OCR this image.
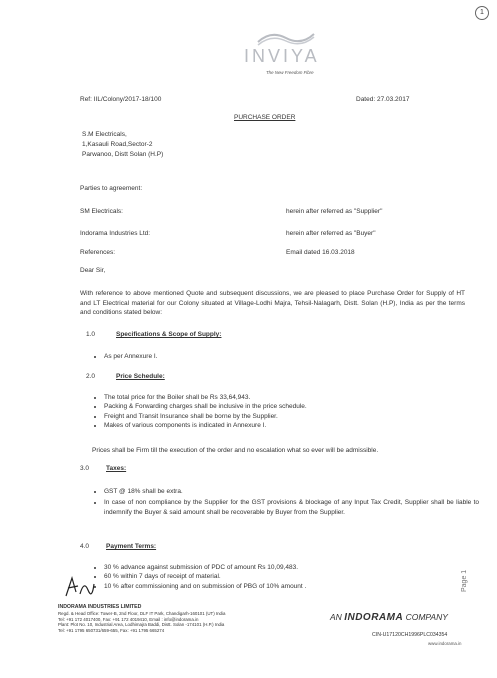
1
INVIYA
The New Freedom Fibre
Ref: IIL/Colony/2017-18/100	Dated: 27.03.2017
PURCHASE ORDER
S.M Electricals,
1,Kasauli Road,Sector-2
Parwanoo, Distt Solan (H.P)
Parties to agreement:
SM Electricals:	herein after referred as "Supplier"
Indorama Industries Ltd:	herein after referred as "Buyer"
References:	Email dated 16.03.2018
Dear Sir,
With reference to above mentioned Quote and subsequent discussions, we are pleased to place Purchase Order for Supply of HT and LT Electrical material for our Colony situated at Village-Lodhi Majra, Tehsil-Nalagarh, Distt. Solan (H.P), India as per the terms and conditions stated below:
1.0	Specifications & Scope of Supply:
• As per Annexure I.
2.0	Price Schedule:
• The total price for the Boiler shall be Rs 33,64,943.
• Packing & Forwarding charges shall be inclusive in the price schedule.
• Freight and Transit Insurance shall be borne by the Supplier.
• Makes of various components is indicated in Annexure I.
Prices shall be Firm till the execution of the order and no escalation what so ever will be admissible.
3.0	Taxes:
• GST @ 18% shall be extra.
• In case of non compliance by the Supplier for the GST provisions & blockage of any Input Tax Credit, Supplier shall be liable to indemnify the Buyer & said amount shall be recoverable by Buyer from the Supplier.
4.0	Payment Terms:
• 30 % advance against submission of PDC of amount Rs 10,09,483.
• 60 % within 7 days of receipt of material.
• 10 % after commissioning and on submission of PBG of 10% amount .
INDORAMA INDUSTRIES LIMITED
Regd. & Head Office: Tower-B, 2nd Floor, DLF IT Park, Chandigarh-160101 (UT) India
Tel: +91 172 4017400, Fax: +91 172 4019410, Email : info@indorama.in
Plant: Plot No. 10, Industrial Area, Lodhimajra Baddi, Distt. Solan -174101 (H.P.) India
Tel: +91 1795 650731/659-655, Fax: +91 1795 665274
AN INDORAMA COMPANY
CIN-U17120CH1996PLC034354
www.indorama.in
Page 1
